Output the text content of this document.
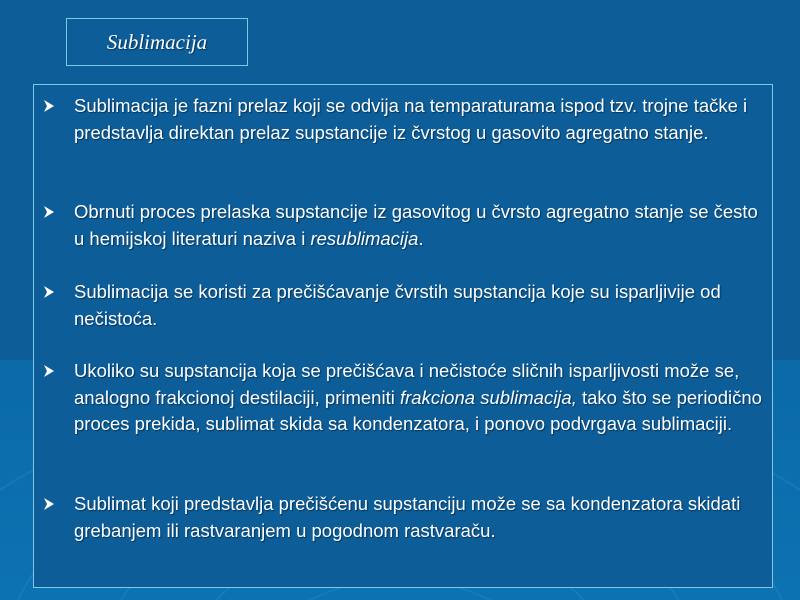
Sublimacija
Sublimacija je fazni prelaz koji se odvija na temparaturama ispod tzv. trojne tačke i predstavlja direktan prelaz supstancije iz čvrstog u gasovito agregatno stanje.
Obrnuti proces prelaska supstancije iz gasovitog u čvrsto agregatno stanje se često u hemijskoj literaturi naziva i resublimacija.
Sublimacija se koristi za prečišćavanje čvrstih supstancija koje su isparljivije od nečistoća.
Ukoliko su supstancija koja se prečišćava i nečistoće sličnih isparljivosti može se, analogno frakcionoj destilaciji, primeniti frakciona sublimacija, tako što se periodično proces prekida, sublimat skida sa kondenzatora, i ponovo podvrgava sublimaciji.
Sublimat koji predstavlja prečišćenu supstanciju može se sa kondenzatora skidati grebanjem ili rastvaranjem u pogodnom rastvaraču.
